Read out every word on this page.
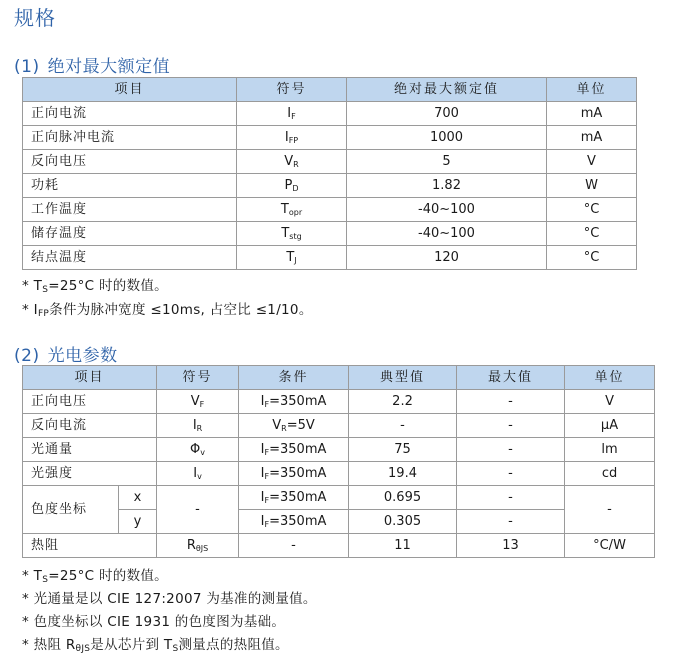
规格
(1) 绝对最大额定值
项目	符号	绝对最大额定值	单位
正向电流	$I_F$	700	mA
正向脉冲电流	$I_{FP}$	1000	mA
反向电压	$V_R$	5	V
功耗	$P_D$	1.82	W
工作温度	$T_{opr}$	-40~100	°C
储存温度	$T_{stg}$	-40~100	°C
结点温度	$T_J$	120	°C
* $T_S=25^\circ C$ 时的数值。
* $I_{FP}$条件为脉冲宽度 ≤10ms, 占空比 ≤1/10。
(2) 光电参数
项目		符号	条件	典型值	最大值	单位
正向电压		$V_F$	$I_F=350mA$	2.2	-	V
反向电流		$I_R$	$V_R=5V$	-	-	μA
光通量		$\Phi_v$	$I_F=350mA$	75	-	lm
光强度		$I_v$	$I_F=350mA$	19.4	-	cd
色度坐标	x	-	$I_F=350mA$	0.695	-	-
	y		$I_F=350mA$	0.305	-	
热阻		$R_{\theta JS}$	-	11	13	°C/W
* $T_S=25^\circ C$ 时的数值。
* 光通量是以 CIE 127:2007 为基准的测量值。
* 色度坐标以 CIE 1931 的色度图为基础。
* 热阻 $R_{\theta JS}$是从芯片到 $T_S$测量点的热阻值。
